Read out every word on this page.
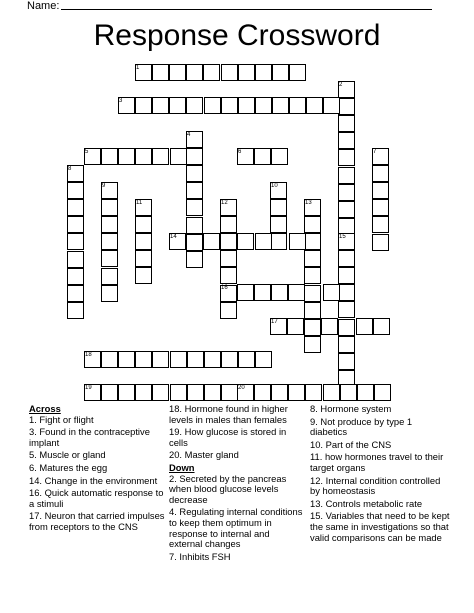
Name:
Response Crossword
1
2
3
4
5	6	7
8
9	10
11	12	13
14	15
16
17
18
19	20
Across
1. Fight or flight
3. Found in the contraceptive implant
5. Muscle or gland
6. Matures the egg
14. Change in the environment
16. Quick automatic response to a stimuli
17. Neuron that carried impulses from receptors to the CNS
18. Hormone found in higher levels in males than females
19. How glucose is stored in cells
20. Master gland
Down
2. Secreted by the pancreas when blood glucose levels decrease
4. Regulating internal conditions to keep them optimum in response to internal and external changes
7. Inhibits FSH
8. Hormone system
9. Not produce by type 1 diabetics
10. Part of the CNS
11. how hormones travel to their target organs
12. Internal condition controlled by homeostasis
13. Controls metabolic rate
15. Variables that need to be kept the same in investigations so that valid comparisons can be made
